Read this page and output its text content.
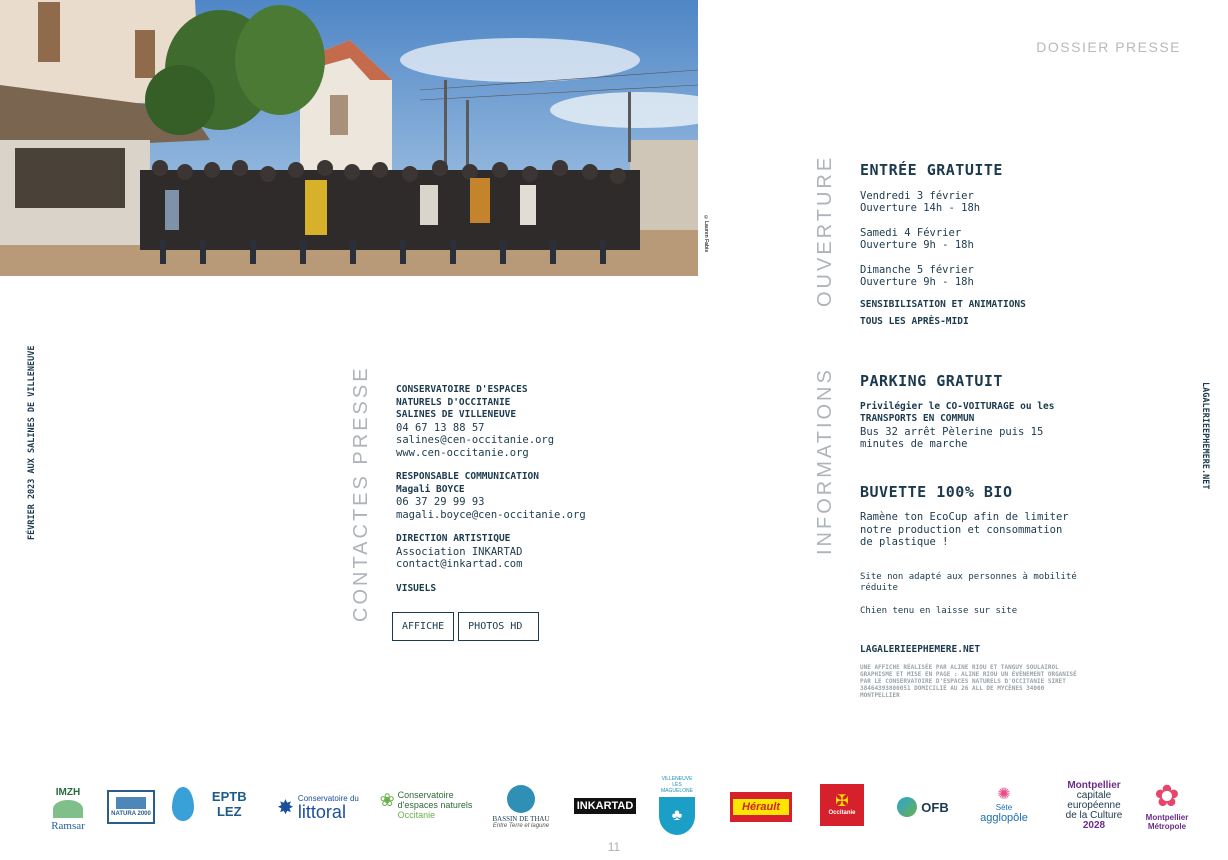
©Lauren Fabis
DOSSIER PRESSE
FÉVRIER 2023 AUX SALINES DE VILLENEUVE	LAGALERIEEPHEMERE.NET
CONTACTES PRESSE
OUVERTURE
INFORMATIONS
CONSERVATOIRE D'ESPACES
NATURELS D'OCCITANIE
SALINES DE VILLENEUVE
04 67 13 88 57
salines@cen-occitanie.org
www.cen-occitanie.org
RESPONSABLE COMMUNICATION
Magali BOYCE
06 37 29 99 93
magali.boyce@cen-occitanie.org
DIRECTION ARTISTIQUE
Association INKARTAD
contact@inkartad.com
VISUELS
AFFICHE	PHOTOS HD
ENTRÉE GRATUITE
Vendredi 3 février
Ouverture 14h - 18h
Samedi 4 Février
Ouverture 9h - 18h
Dimanche 5 février
Ouverture 9h - 18h
SENSIBILISATION ET ANIMATIONS
TOUS LES APRÈS-MIDI
PARKING GRATUIT
Privilégier le CO-VOITURAGE ou les
TRANSPORTS EN COMMUN
Bus 32 arrêt Pèlerine puis 15
minutes de marche
BUVETTE 100% BIO
Ramène ton EcoCup afin de limiter
notre production et consommation
de plastique !
Site non adapté aux personnes à mobilité
réduite
Chien tenu en laisse sur site
LAGALERIEEPHEMERE.NET
UNE AFFICHE RÉALISÉE PAR ALINE RIOU ET TANGUY SOULAIROL GRAPHISME ET MISE EN PAGE : ALINE RIOU UN ÉVÈNEMENT ORGANISÉ PAR LE CONSERVATOIRE D'ESPACES NATURELS D'OCCITANIE SIRET 38464393800051 DOMICILIÉ AU 26 ALL DE MYCÈNES 34000 MONTPELLIER
IMZH
Ramsar
NATURA 2000
EPTB LEZ	✸ Conservatoire du
littoral
❀ Conservatoire
d'espaces naturels
Occitanie	BASSIN DE THAU
Entre Terre et lagune
INKARTAD
VILLENEUVE LÈS MAGUELONE
♣	Hérault	✠
Occitanie	OFB
✺
Sète
agglopôle
Montpellier
capitale
européenne
de la Culture
2028
✿
Montpellier
Métropole
11
